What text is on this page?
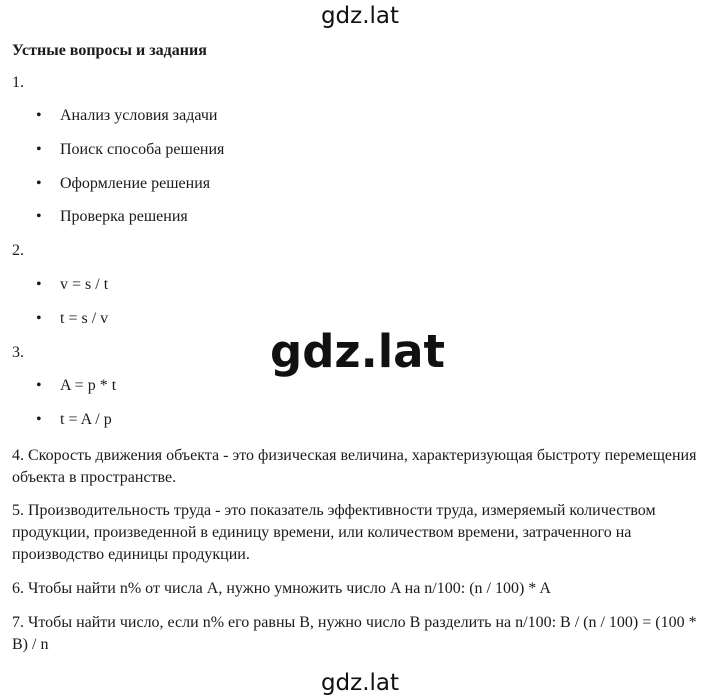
gdz.lat
Устные вопросы и задания
1.
• Анализ условия задачи
• Поиск способа решения
• Оформление решения
• Проверка решения
2.
• v = s / t
• t = s / v
3.
• A = p * t
• t = A / p
gdz.lat
4. Скорость движения объекта - это физическая величина, характеризующая быстроту перемещения объекта в пространстве.
5. Производительность труда - это показатель эффективности труда, измеряемый количеством продукции, произведенной в единицу времени, или количеством времени, затраченного на производство единицы продукции.
6. Чтобы найти n% от числа A, нужно умножить число A на n/100: (n / 100) * A
7. Чтобы найти число, если n% его равны B, нужно число B разделить на n/100: B / (n / 100) = (100 * B) / n
gdz.lat
